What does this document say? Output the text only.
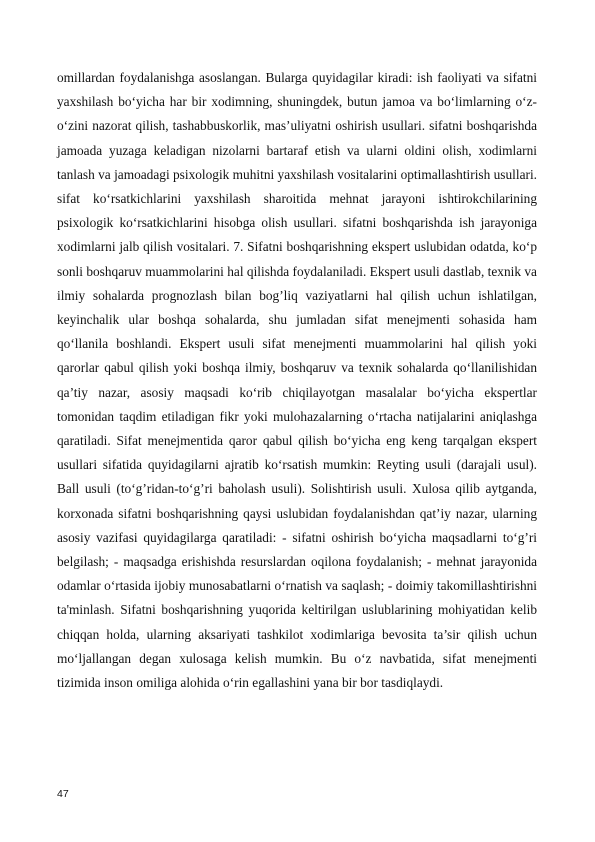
omillardan foydalanishga asoslangan. Bularga quyidagilar kiradi: ish faoliyati va sifatni yaxshilash bo‘yicha har bir xodimning, shuningdek, butun jamoa va bo‘limlarning o‘z-o‘zini nazorat qilish, tashabbuskorlik, mas’uliyatni oshirish usullari. sifatni boshqarishda jamoada yuzaga keladigan nizolarni bartaraf etish va ularni oldini olish, xodimlarni tanlash va jamoadagi psixologik muhitni yaxshilash vositalarini optimallashtirish usullari. sifat ko‘rsatkichlarini yaxshilash sharoitida mehnat jarayoni ishtirokchilarining psixologik ko‘rsatkichlarini hisobga olish usullari. sifatni boshqarishda ish jarayoniga xodimlarni jalb qilish vositalari. 7. Sifatni boshqarishning ekspert uslubidan odatda, ko‘p sonli boshqaruv muammolarini hal qilishda foydalaniladi. Ekspert usuli dastlab, texnik va ilmiy sohalarda prognozlash bilan bog’liq vaziyatlarni hal qilish uchun ishlatilgan, keyinchalik ular boshqa sohalarda, shu jumladan sifat menejmenti sohasida ham qo‘llanila boshlandi. Ekspert usuli sifat menejmenti muammolarini hal qilish yoki qarorlar qabul qilish yoki boshqa ilmiy, boshqaruv va texnik sohalarda qo‘llanilishidan qa’tiy nazar, asosiy maqsadi ko‘rib chiqilayotgan masalalar bo‘yicha ekspertlar tomonidan taqdim etiladigan fikr yoki mulohazalarning o‘rtacha natijalarini aniqlashga qaratiladi. Sifat menejmentida qaror qabul qilish bo‘yicha eng keng tarqalgan ekspert usullari sifatida quyidagilarni ajratib ko‘rsatish mumkin: Reyting usuli (darajali usul). Ball usuli (to‘g’ridan-to‘g’ri baholash usuli). Solishtirish usuli. Xulosa qilib aytganda, korxonada sifatni boshqarishning qaysi uslubidan foydalanishdan qat’iy nazar, ularning asosiy vazifasi quyidagilarga qaratiladi: - sifatni oshirish bo‘yicha maqsadlarni to‘g’ri belgilash; - maqsadga erishishda resurslardan oqilona foydalanish; - mehnat jarayonida odamlar o‘rtasida ijobiy munosabatlarni o‘rnatish va saqlash; - doimiy takomillashtirishni ta'minlash. Sifatni boshqarishning yuqorida keltirilgan uslublarining mohiyatidan kelib chiqqan holda, ularning aksariyati tashkilot xodimlariga bevosita ta’sir qilish uchun mo‘ljallangan degan xulosaga kelish mumkin. Bu o‘z navbatida, sifat menejmenti tizimida inson omiliga alohida o‘rin egallashini yana bir bor tasdiqlaydi.

47
